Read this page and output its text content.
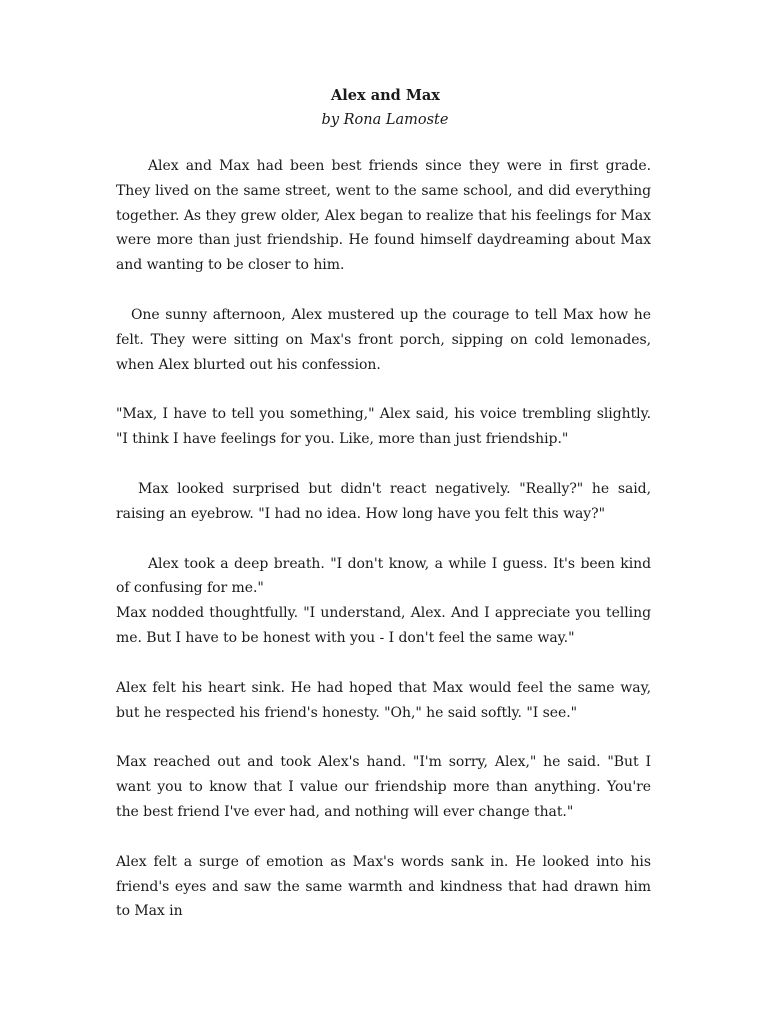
Alex and Max

by Rona Lamoste

Alex and Max had been best friends since they were in first grade. They lived on the same street, went to the same school, and did everything together. As they grew older, Alex began to realize that his feelings for Max were more than just friendship. He found himself daydreaming about Max and wanting to be closer to him.

One sunny afternoon, Alex mustered up the courage to tell Max how he felt. They were sitting on Max's front porch, sipping on cold lemonades, when Alex blurted out his confession.

"Max, I have to tell you something," Alex said, his voice trembling slightly. "I think I have feelings for you. Like, more than just friendship."

Max looked surprised but didn't react negatively. "Really?" he said, raising an eyebrow. "I had no idea. How long have you felt this way?"

Alex took a deep breath. "I don't know, a while I guess. It's been kind of confusing for me."

Max nodded thoughtfully. "I understand, Alex. And I appreciate you telling me. But I have to be honest with you - I don't feel the same way."

Alex felt his heart sink. He had hoped that Max would feel the same way, but he respected his friend's honesty. "Oh," he said softly. "I see."

Max reached out and took Alex's hand. "I'm sorry, Alex," he said. "But I want you to know that I value our friendship more than anything. You're the best friend I've ever had, and nothing will ever change that."

Alex felt a surge of emotion as Max's words sank in. He looked into his friend's eyes and saw the same warmth and kindness that had drawn him to Max in
